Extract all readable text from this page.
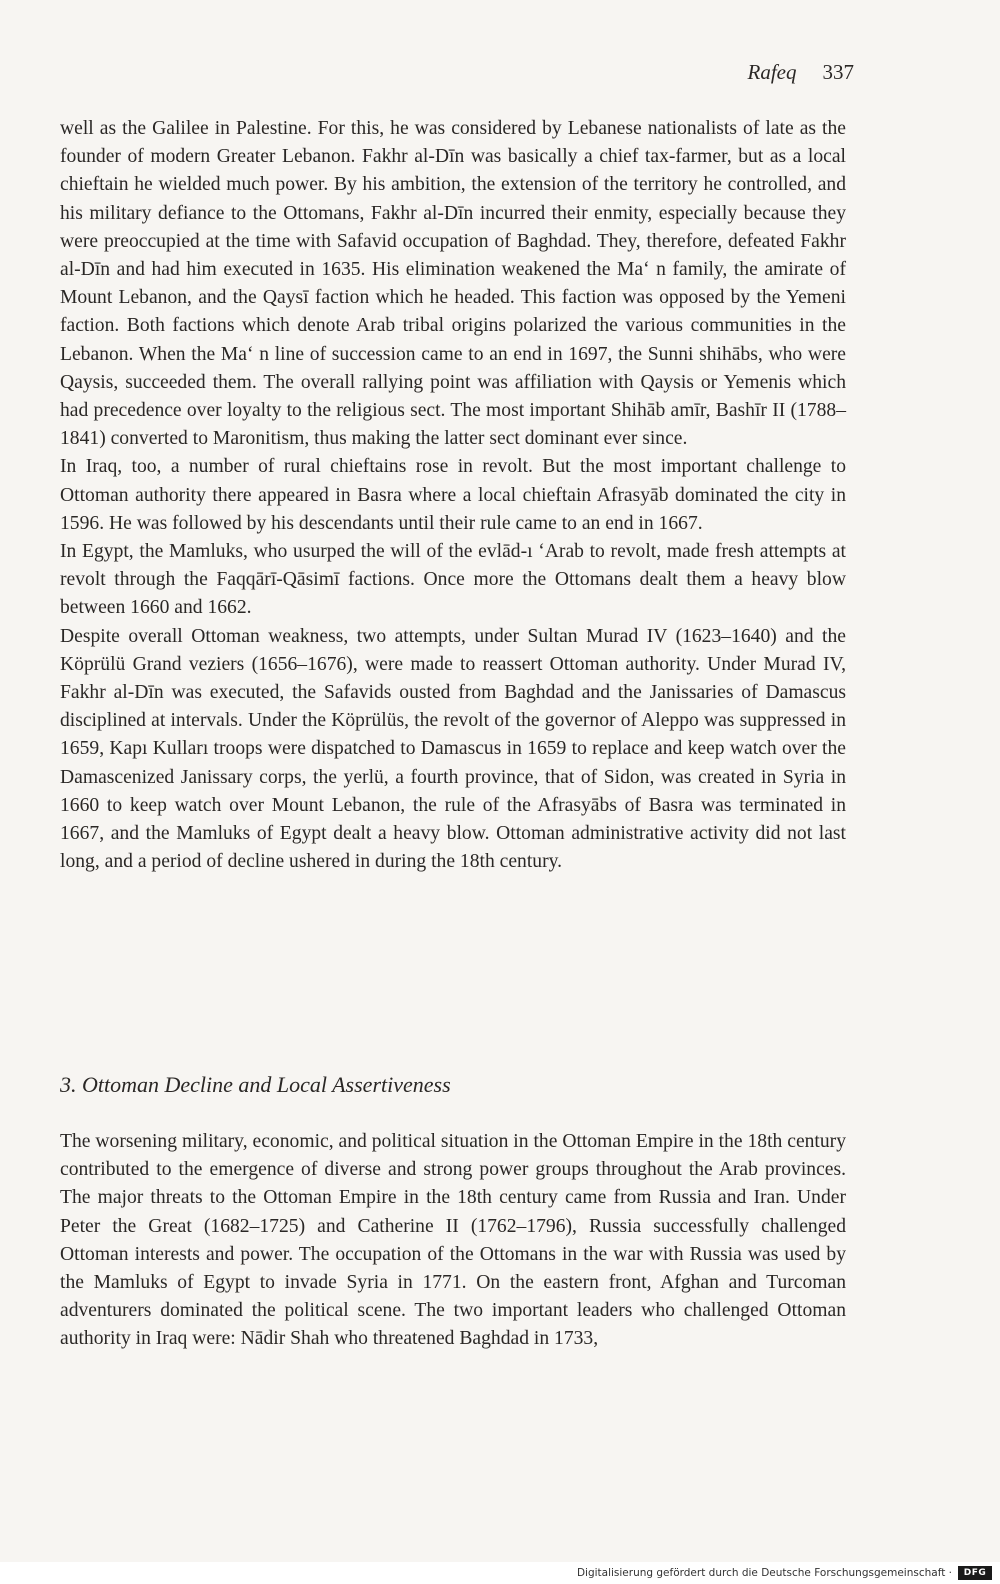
Rafeq 337

well as the Galilee in Palestine. For this, he was considered by Lebanese nationalists of late as the founder of modern Greater Lebanon. Fakhr al-Dīn was basically a chief tax-farmer, but as a local chieftain he wielded much power. By his ambition, the extension of the territory he controlled, and his military defiance to the Ottomans, Fakhr al-Dīn incurred their enmity, especially because they were preoccupied at the time with Safavid occupation of Baghdad. They, therefore, defeated Fakhr al-Dīn and had him executed in 1635. His elimination weakened the Ma‘ n family, the amirate of Mount Lebanon, and the Qaysī faction which he headed. This faction was opposed by the Yemeni faction. Both factions which denote Arab tribal origins polarized the various communities in the Lebanon. When the Ma‘ n line of succession came to an end in 1697, the Sunni shihābs, who were Qaysis, succeeded them. The overall rallying point was affiliation with Qaysis or Yemenis which had precedence over loyalty to the religious sect. The most important Shihāb amīr, Bashīr II (1788–1841) converted to Maronitism, thus making the latter sect dominant ever since.

In Iraq, too, a number of rural chieftains rose in revolt. But the most important challenge to Ottoman authority there appeared in Basra where a local chieftain Afrasyāb dominated the city in 1596. He was followed by his descendants until their rule came to an end in 1667.

In Egypt, the Mamluks, who usurped the will of the evlād-ı ‘Arab to revolt, made fresh attempts at revolt through the Faqqārī-Qāsimī factions. Once more the Ottomans dealt them a heavy blow between 1660 and 1662.

Despite overall Ottoman weakness, two attempts, under Sultan Murad IV (1623–1640) and the Köprülü Grand veziers (1656–1676), were made to reassert Ottoman authority. Under Murad IV, Fakhr al-Dīn was executed, the Safavids ousted from Baghdad and the Janissaries of Damascus disciplined at intervals. Under the Köprülüs, the revolt of the governor of Aleppo was suppressed in 1659, Kapı Kulları troops were dispatched to Damascus in 1659 to replace and keep watch over the Damascenized Janissary corps, the yerlü, a fourth province, that of Sidon, was created in Syria in 1660 to keep watch over Mount Lebanon, the rule of the Afrasyābs of Basra was terminated in 1667, and the Mamluks of Egypt dealt a heavy blow. Ottoman administrative activity did not last long, and a period of decline ushered in during the 18th century.

3. Ottoman Decline and Local Assertiveness

The worsening military, economic, and political situation in the Ottoman Empire in the 18th century contributed to the emergence of diverse and strong power groups throughout the Arab provinces. The major threats to the Ottoman Empire in the 18th century came from Russia and Iran. Under Peter the Great (1682–1725) and Catherine II (1762–1796), Russia successfully challenged Ottoman interests and power. The occupation of the Ottomans in the war with Russia was used by the Mamluks of Egypt to invade Syria in 1771. On the eastern front, Afghan and Turcoman adventurers dominated the political scene. The two important leaders who challenged Ottoman authority in Iraq were: Nādir Shah who threatened Baghdad in 1733,

Digitalisierung gefördert durch die Deutsche Forschungsgemeinschaft ·	DFG
